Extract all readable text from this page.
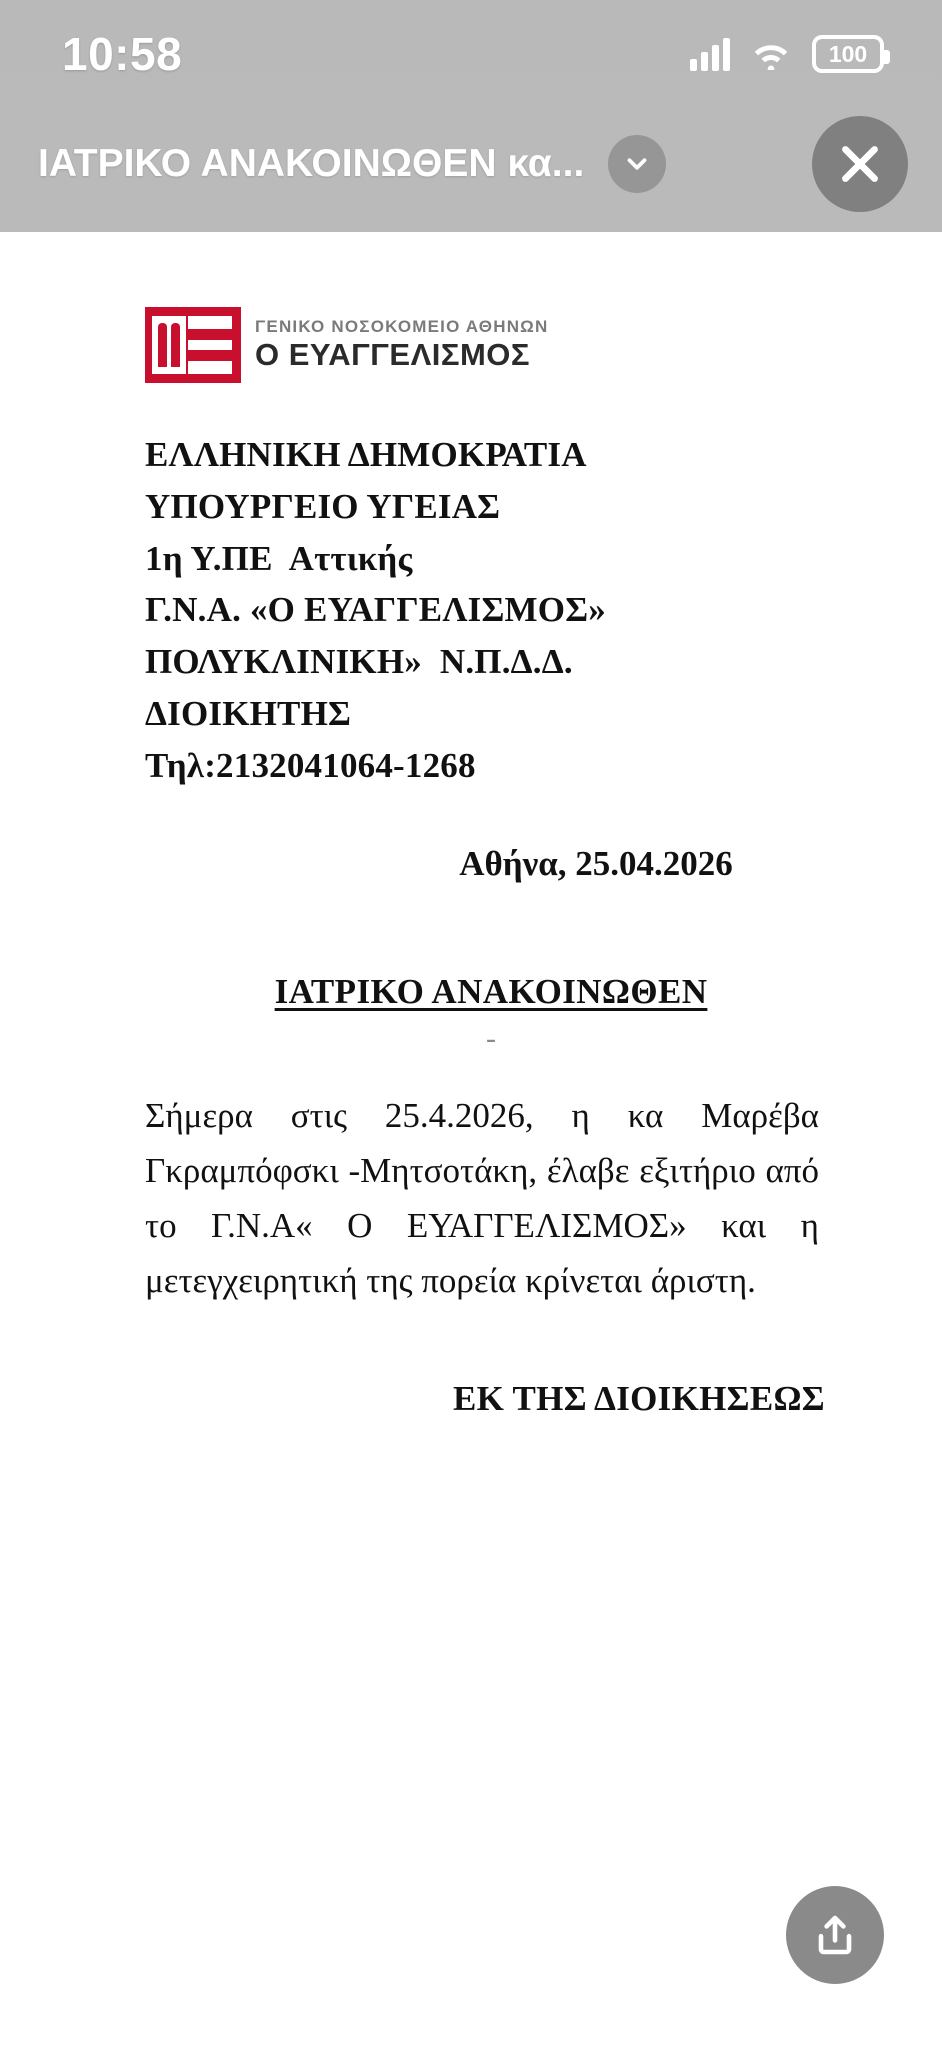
10:58	100
ΙΑΤΡΙΚΟ ΑΝΑΚΟΙΝΩΘΕΝ κα...
ΓΕΝΙΚΟ ΝΟΣΟΚΟΜΕΙΟ ΑΘΗΝΩΝ
Ο ΕΥΑΓΓΕΛΙΣΜΟΣ
ΕΛΛΗΝΙΚΗ ΔΗΜΟΚΡΑΤΙΑ
ΥΠΟΥΡΓΕΙΟ ΥΓΕΙΑΣ
1η Υ.ΠΕ  Αττικής
Γ.Ν.Α. «Ο ΕΥΑΓΓΕΛΙΣΜΟΣ»
ΠΟΛΥΚΛΙΝΙΚΗ»  Ν.Π.Δ.Δ.
ΔΙΟΙΚΗΤΗΣ
Τηλ:2132041064-1268
Αθήνα, 25.04.2026
ΙΑΤΡΙΚΟ ΑΝΑΚΟΙΝΩΘΕΝ
-
Σήμερα στις 25.4.2026, η κα Μαρέβα Γκραμπόφσκι -Μητσοτάκη, έλαβε εξιτήριο από το Γ.Ν.Α« Ο ΕΥΑΓΓΕΛΙΣΜΟΣ» και η μετεγχειρητική της πορεία κρίνεται άριστη.
ΕΚ ΤΗΣ ΔΙΟΙΚΗΣΕΩΣ
